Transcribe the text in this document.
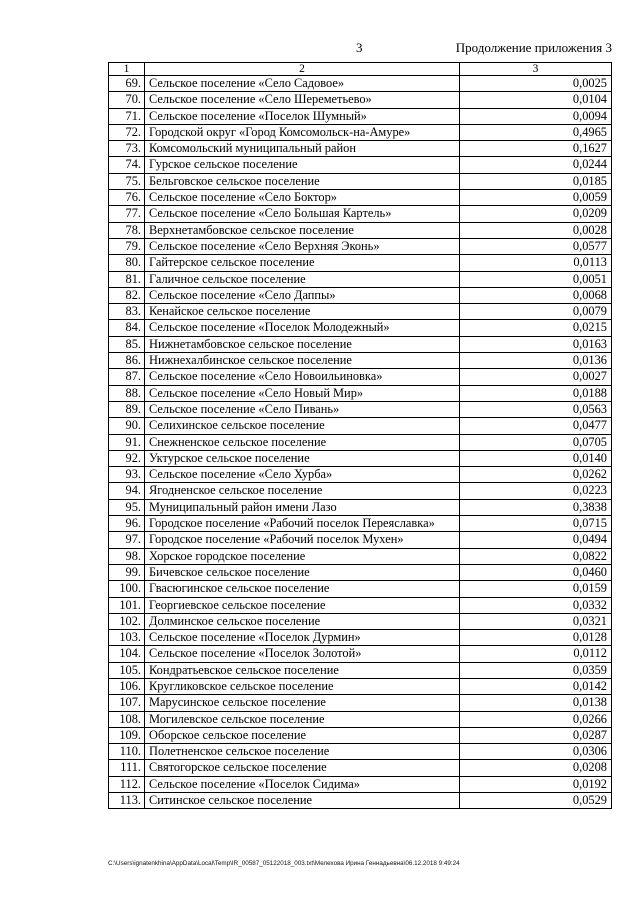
3	Продолжение приложения 3
1	2	3
69.	Сельское поселение «Село Садовое»	0,0025
70.	Сельское поселение «Село Шереметьево»	0,0104
71.	Сельское поселение «Поселок Шумный»	0,0094
72.	Городской округ «Город Комсомольск-на-Амуре»	0,4965
73.	Комсомольский муниципальный район	0,1627
74.	Гурское сельское поселение	0,0244
75.	Бельговское сельское поселение	0,0185
76.	Сельское поселение «Село Боктор»	0,0059
77.	Сельское поселение «Село Большая Картель»	0,0209
78.	Верхнетамбовское сельское поселение	0,0028
79.	Сельское поселение «Село Верхняя Эконь»	0,0577
80.	Гайтерское сельское поселение	0,0113
81.	Галичное сельское поселение	0,0051
82.	Сельское поселение «Село Даппы»	0,0068
83.	Кенайское сельское поселение	0,0079
84.	Сельское поселение «Поселок Молодежный»	0,0215
85.	Нижнетамбовское сельское поселение	0,0163
86.	Нижнехалбинское сельское поселение	0,0136
87.	Сельское поселение «Село Новоильиновка»	0,0027
88.	Сельское поселение «Село Новый Мир»	0,0188
89.	Сельское поселение «Село Пивань»	0,0563
90.	Селихинское сельское поселение	0,0477
91.	Снежненское сельское поселение	0,0705
92.	Уктурское сельское поселение	0,0140
93.	Сельское поселение «Село Хурба»	0,0262
94.	Ягодненское сельское поселение	0,0223
95.	Муниципальный район имени Лазо	0,3838
96.	Городское поселение «Рабочий поселок Переяславка»	0,0715
97.	Городское поселение «Рабочий поселок Мухен»	0,0494
98.	Хорское городское поселение	0,0822
99.	Бичевское сельское поселение	0,0460
100.	Гвасюгинское сельское поселение	0,0159
101.	Георгиевское сельское поселение	0,0332
102.	Долминское сельское поселение	0,0321
103.	Сельское поселение «Поселок Дурмин»	0,0128
104.	Сельское поселение «Поселок Золотой»	0,0112
105.	Кондратьевское сельское поселение	0,0359
106.	Кругликовское сельское поселение	0,0142
107.	Марусинское сельское поселение	0,0138
108.	Могилевское сельское поселение	0,0266
109.	Оборское сельское поселение	0,0287
110.	Полетненское сельское поселение	0,0306
111.	Святогорское сельское поселение	0,0208
112.	Сельское поселение «Поселок Сидима»	0,0192
113.	Ситинское сельское поселение	0,0529
C:\Users\ignatenkhina\AppData\Local\Temp\IR_00587_05122018_003.txt\Мелехова Ирина Геннадьевна\06.12.2018 9:49:24
